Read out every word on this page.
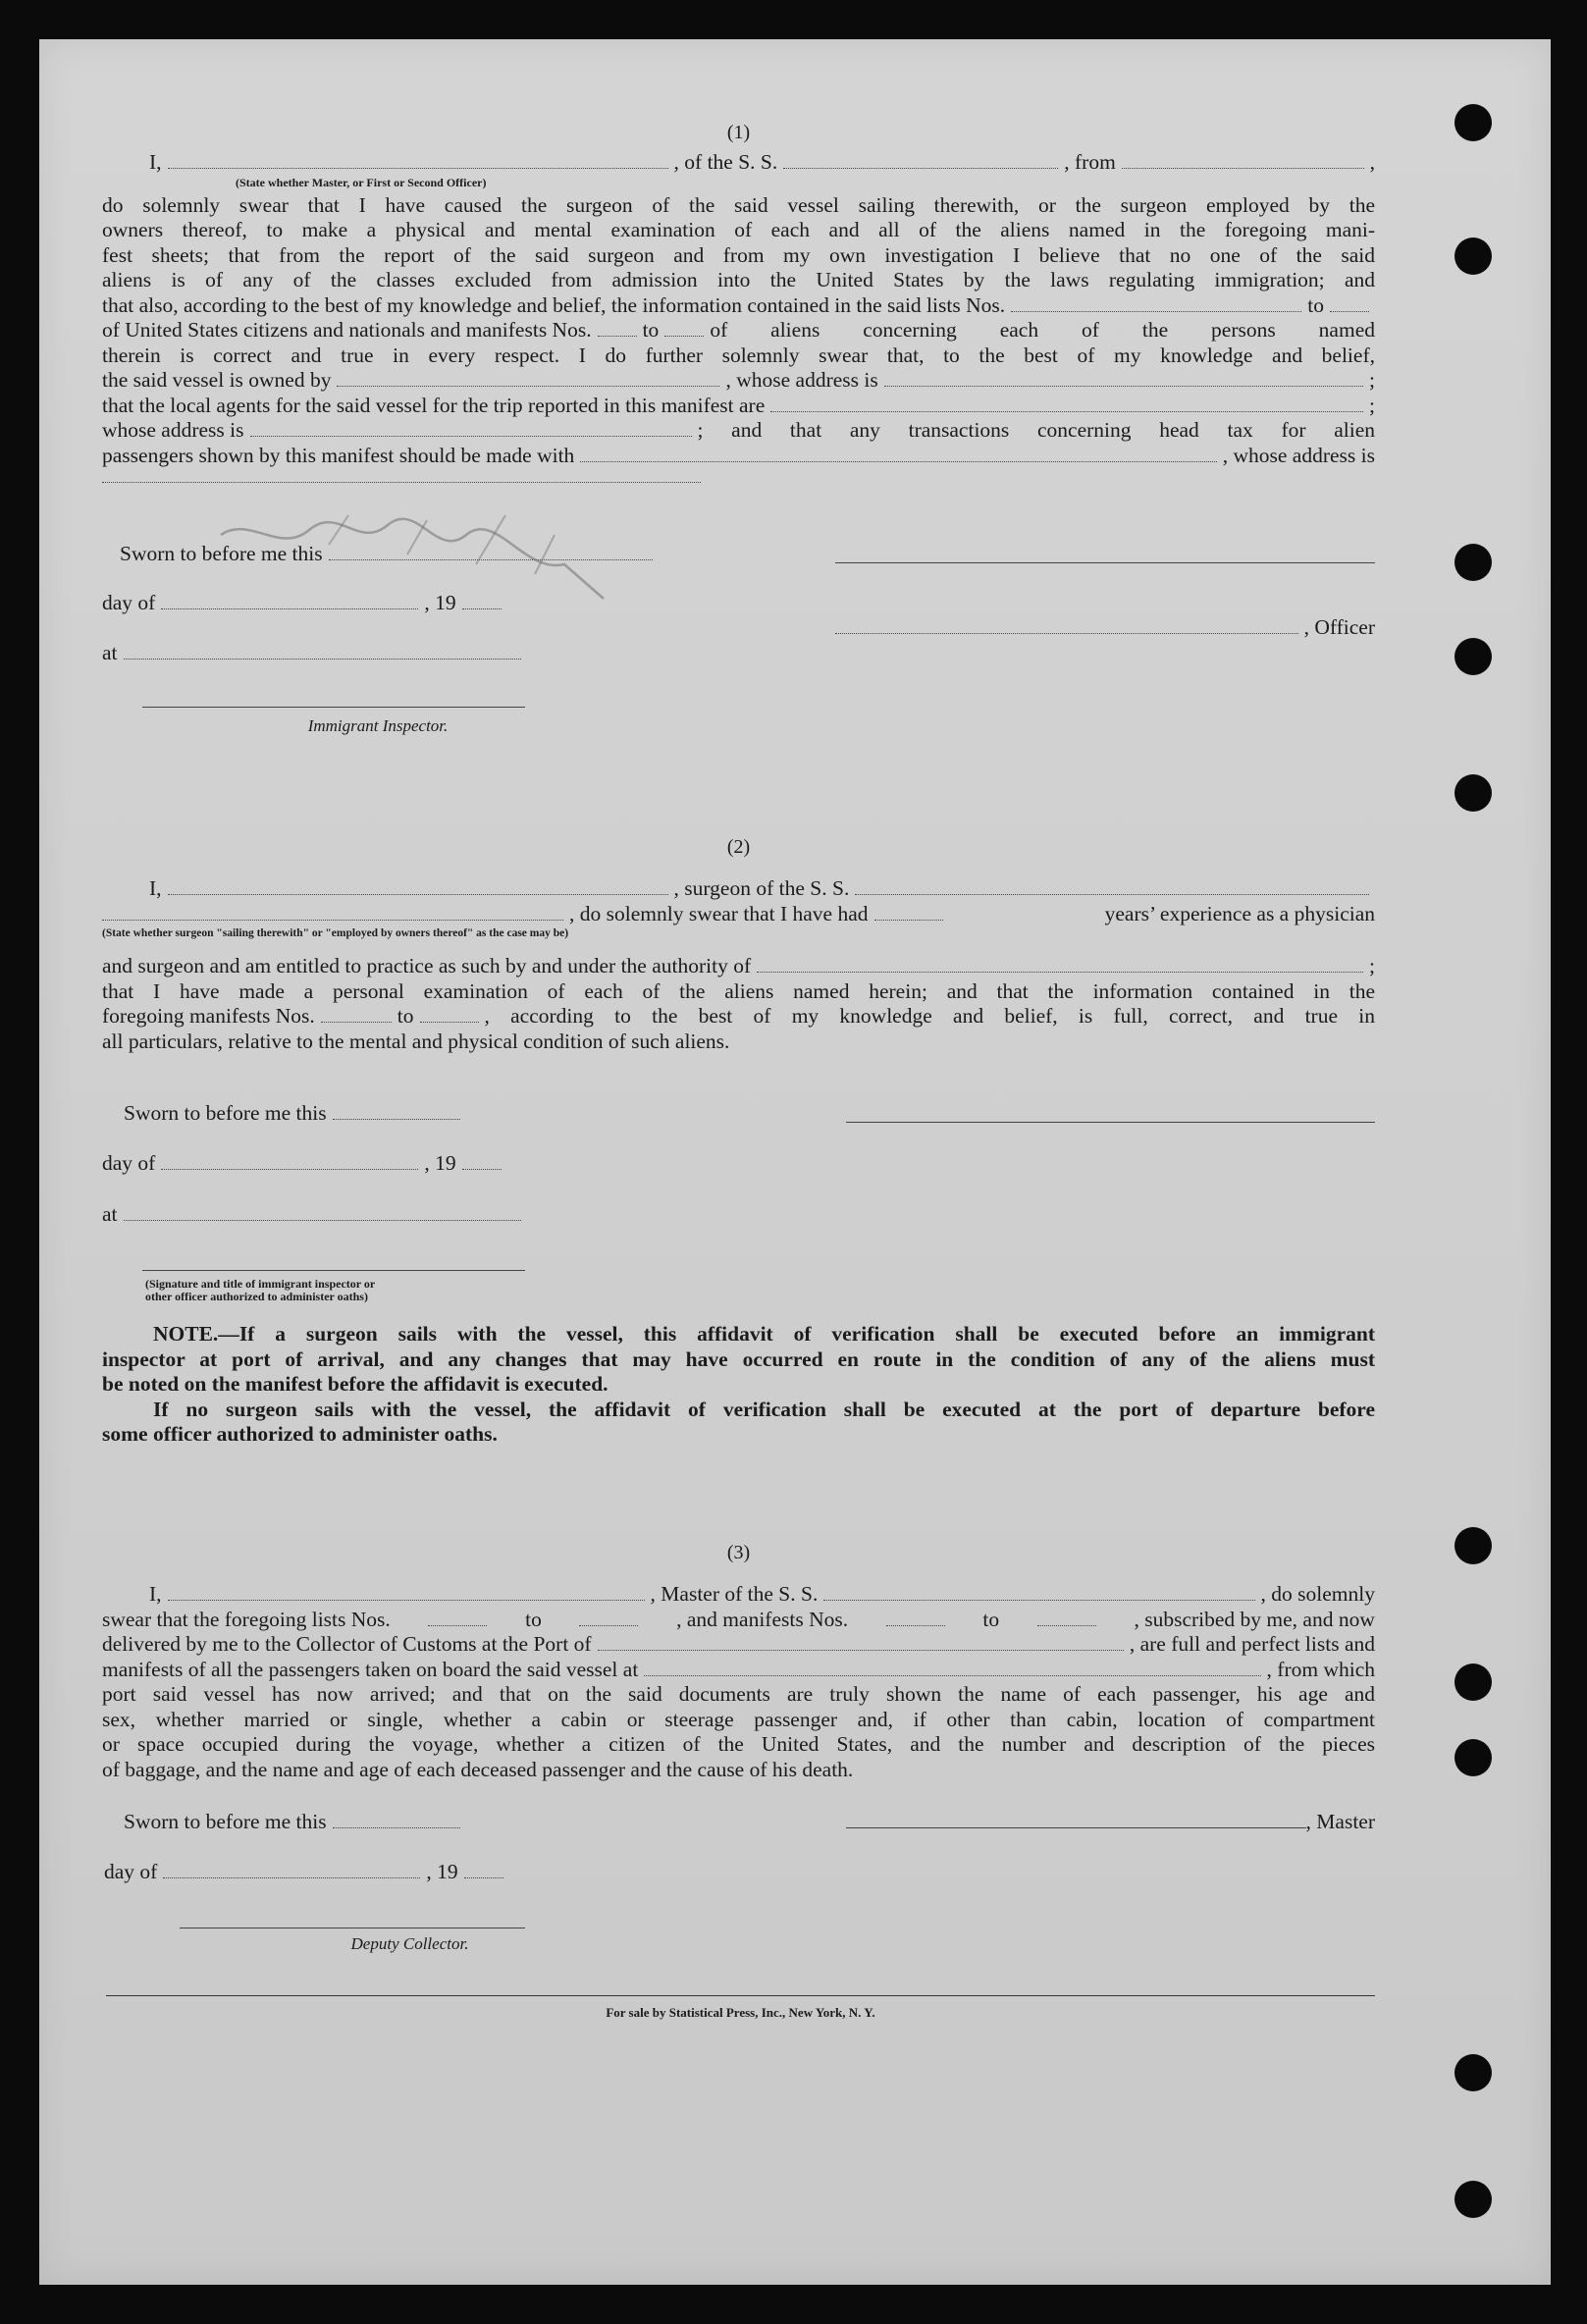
(1)
I,	, of the S. S.	, from	,
(State whether Master, or First or Second Officer)
do solemnly swear that I have caused the surgeon of the said vessel sailing therewith, or the surgeon employed by the
owners thereof, to make a physical and mental examination of each and all of the aliens named in the foregoing mani-
fest sheets; that from the report of the said surgeon and from my own investigation I believe that no one of the said
aliens is of any of the classes excluded from admission into the United States by the laws regulating immigration; and
that also, according to the best of my knowledge and belief, the information contained in the said lists Nos.	to
of United States citizens and nationals and manifests Nos. to of aliens concerning each of the persons named
therein is correct and true in every respect. I do further solemnly swear that, to the best of my knowledge and belief,
the said vessel is owned by	, whose address is	;
that the local agents for the said vessel for the trip reported in this manifest are	;
whose address is	; and that any transactions concerning head tax for alien
passengers shown by this manifest should be made with	, whose address is
Sworn to before me this
day of	, 19
, Officer
at
Immigrant Inspector.
(2)
I,	, surgeon of the S. S.
, do solemnly swear that I have had	years’ experience as a physician
(State whether surgeon "sailing therewith" or "employed by owners thereof" as the case may be)
and surgeon and am entitled to practice as such by and under the authority of	;
that I have made a personal examination of each of the aliens named herein; and that the information contained in the
foregoing manifests Nos.	to	, according to the best of my knowledge and belief, is full, correct, and true in
all particulars, relative to the mental and physical condition of such aliens.
Sworn to before me this
day of	, 19
at
(Signature and title of immigrant inspector or
other officer authorized to administer oaths)
NOTE.— If a surgeon sails with the vessel, this affidavit of verification shall be executed before an immigrant
inspector at port of arrival, and any changes that may have occurred en route in the condition of any of the aliens must
be noted on the manifest before the affidavit is executed.
If no surgeon sails with the vessel, the affidavit of verification shall be executed at the port of departure before
some officer authorized to administer oaths.
(3)
I,	, Master of the S. S.	, do solemnly
swear that the foregoing lists Nos.	to	, and manifests Nos.	to	, subscribed by me, and now
delivered by me to the Collector of Customs at the Port of	, are full and perfect lists and
manifests of all the passengers taken on board the said vessel at	, from which
port said vessel has now arrived; and that on the said documents are truly shown the name of each passenger, his age and
sex, whether married or single, whether a cabin or steerage passenger and, if other than cabin, location of compartment
or space occupied during the voyage, whether a citizen of the United States, and the number and description of the pieces
of baggage, and the name and age of each deceased passenger and the cause of his death.
Sworn to before me this	, Master
day of	, 19
Deputy Collector.
For sale by Statistical Press, Inc., New York, N. Y.
